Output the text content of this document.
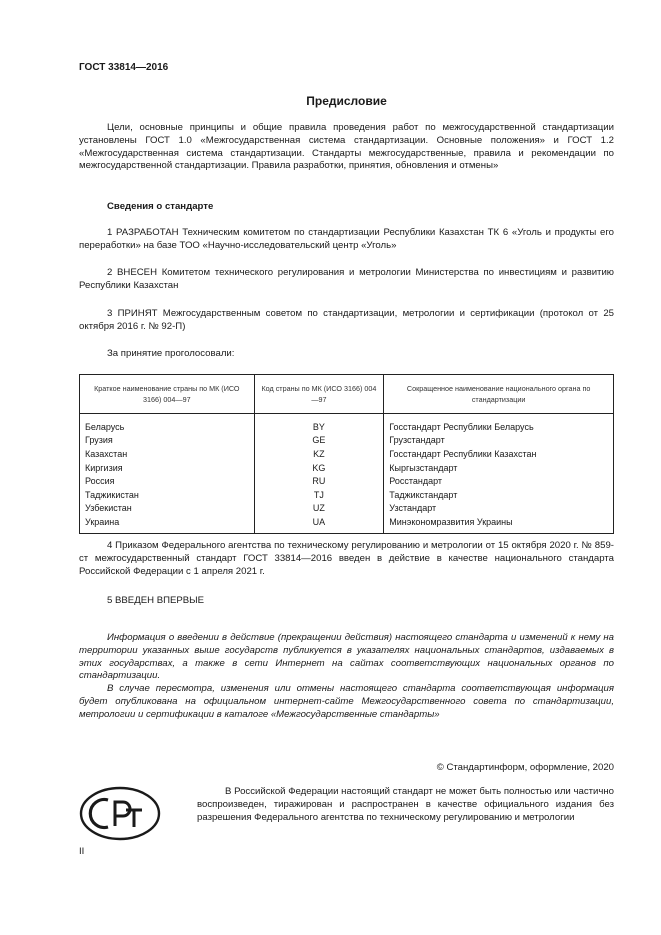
ГОСТ 33814—2016
Предисловие

Цели, основные принципы и общие правила проведения работ по межгосударственной стандартизации установлены ГОСТ 1.0 «Межгосударственная система стандартизации. Основные положения» и ГОСТ 1.2 «Межгосударственная система стандартизации. Стандарты межгосударственные, правила и рекомендации по межгосударственной стандартизации. Правила разработки, принятия, обновления и отмены»

Сведения о стандарте

1 РАЗРАБОТАН Техническим комитетом по стандартизации Республики Казахстан ТК 6 «Уголь и продукты его переработки» на базе ТОО «Научно-исследовательский центр «Уголь»

2 ВНЕСЕН Комитетом технического регулирования и метрологии Министерства по инвестициям и развитию Республики Казахстан

3 ПРИНЯТ Межгосударственным советом по стандартизации, метрологии и сертификации (протокол от 25 октября 2016 г. № 92-П)

За принятие проголосовали:
Краткое наименование страны по МК (ИСО 3166) 004—97	Код страны по МК (ИСО 3166) 004—97	Сокращенное наименование национального органа по стандартизации
Беларусь	BY	Госстандарт Республики Беларусь
Грузия	GE	Грузстандарт
Казахстан	KZ	Госстандарт Республики Казахстан
Киргизия	KG	Кыргызстандарт
Россия	RU	Росстандарт
Таджикистан	TJ	Таджикстандарт
Узбекистан	UZ	Узстандарт
Украина	UA	Минэкономразвития Украины

4 Приказом Федерального агентства по техническому регулированию и метрологии от 15 октября 2020 г. № 859-ст межгосударственный стандарт ГОСТ 33814—2016 введен в действие в качестве национального стандарта Российской Федерации с 1 апреля 2021 г.

5 ВВЕДЕН ВПЕРВЫЕ

Информация о введении в действие (прекращении действия) настоящего стандарта и изменений к нему на территории указанных выше государств публикуется в указателях национальных стандартов, издаваемых в этих государствах, а также в сети Интернет на сайтах соответствующих национальных органов по стандартизации.

В случае пересмотра, изменения или отмены настоящего стандарта соответствующая информация будет опубликована на официальном интернет-сайте Межгосударственного совета по стандартизации, метрологии и сертификации в каталоге «Межгосударственные стандарты»

© Стандартинформ, оформление, 2020

В Российской Федерации настоящий стандарт не может быть полностью или частично воспроизведен, тиражирован и распространен в качестве официального издания без разрешения Федерального агентства по техническому регулированию и метрологии

II
